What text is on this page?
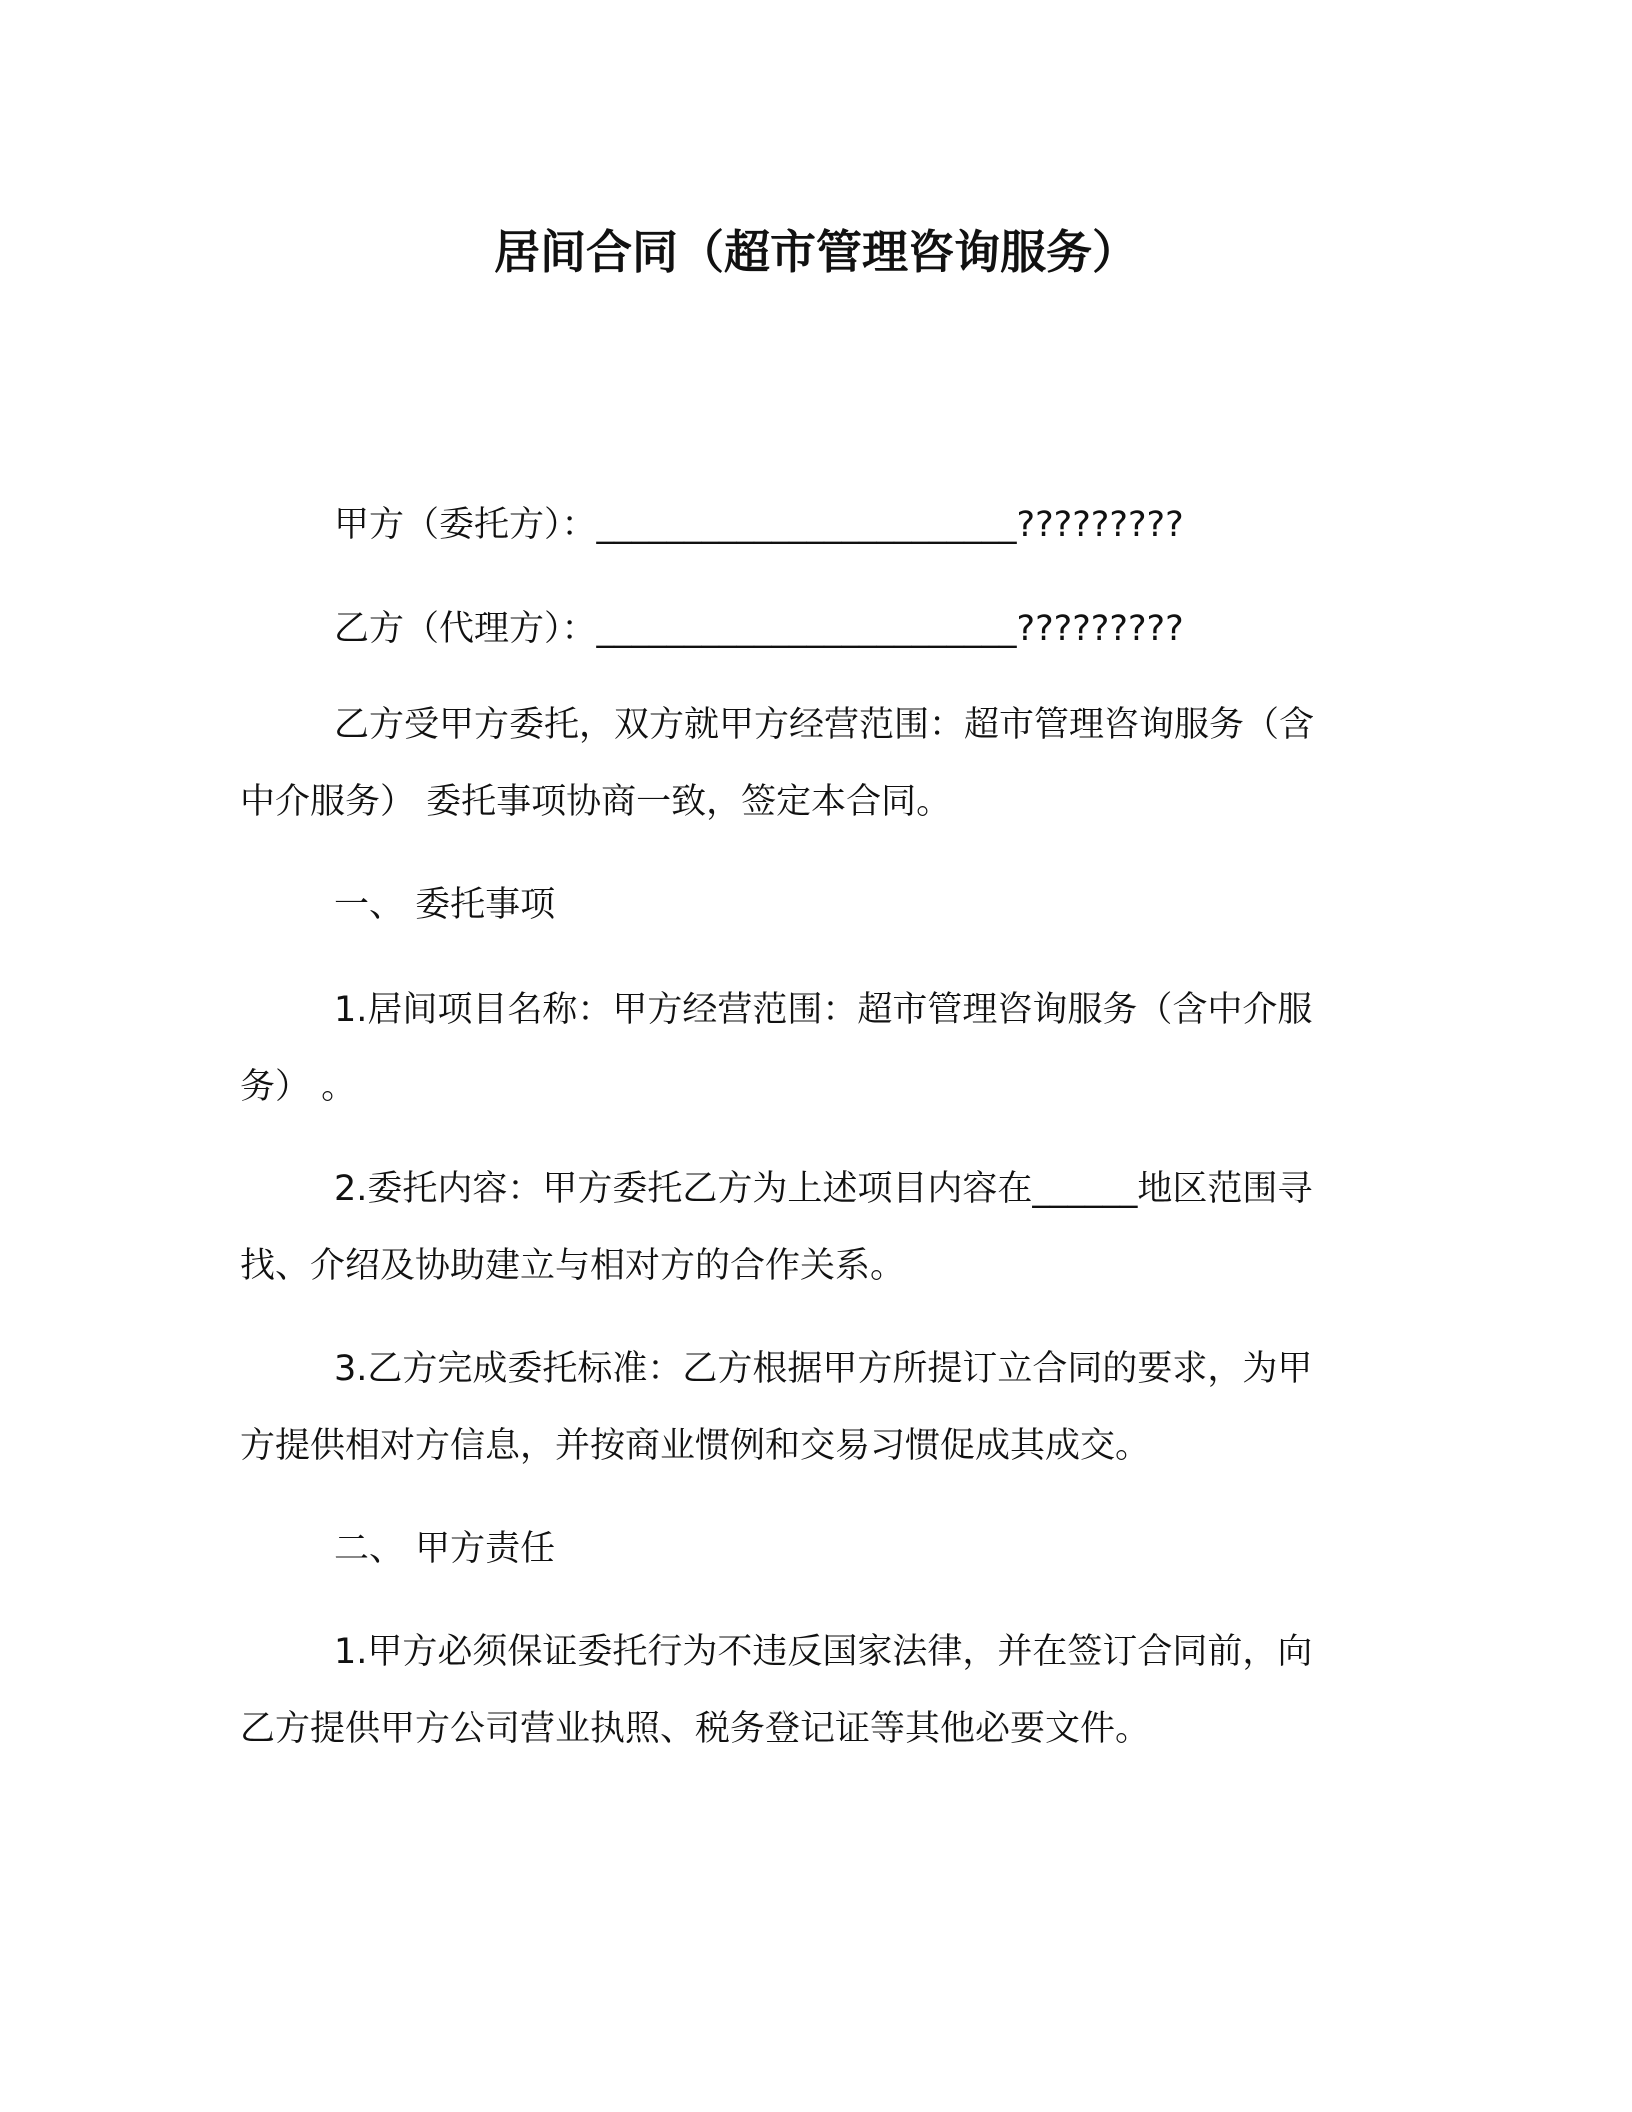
居间合同（超市管理咨询服务）
甲方（委托方）：________________________?????????
乙方（代理方）：________________________?????????
乙方受甲方委托，双方就甲方经营范围：超市管理咨询服务（含
中介服务） 委托事项协商一致，签定本合同。
一、 委托事项
1.居间项目名称：甲方经营范围：超市管理咨询服务（含中介服
务） 。
2.委托内容：甲方委托乙方为上述项目内容在______地区范围寻
找、介绍及协助建立与相对方的合作关系。
3.乙方完成委托标准：乙方根据甲方所提订立合同的要求，为甲
方提供相对方信息，并按商业惯例和交易习惯促成其成交。
二、 甲方责任
1.甲方必须保证委托行为不违反国家法律，并在签订合同前，向
乙方提供甲方公司营业执照、税务登记证等其他必要文件。
